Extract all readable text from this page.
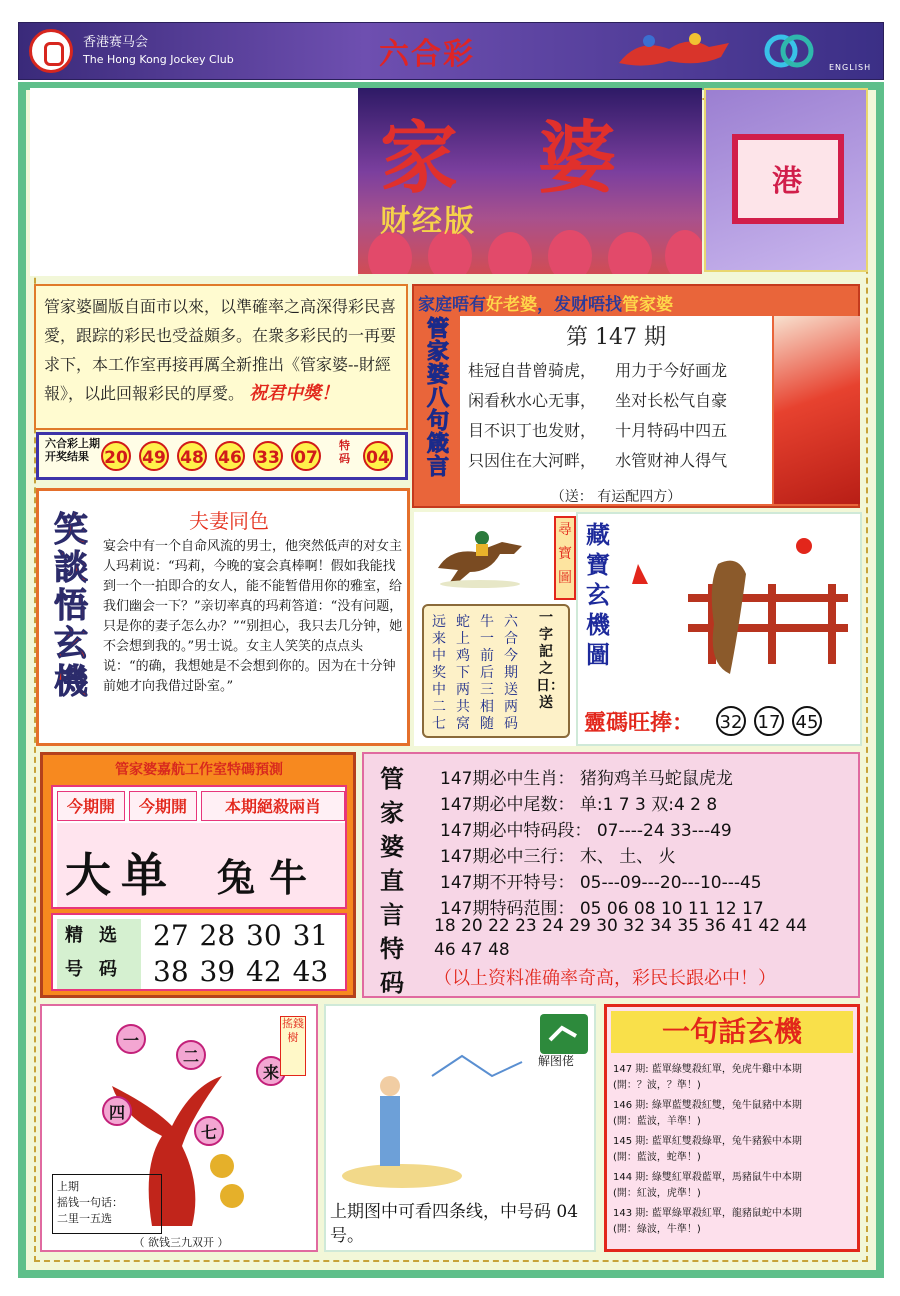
香港赛马会
The Hong Kong Jockey Club	六合彩	ENGLISH
家婆
财经版
港
管家婆圖版自面市以來，以準確率之高深得彩民喜愛，跟踪的彩民也受益頗多。在衆多彩民的一再要求下，本工作室再接再厲全新推出《管家婆--財經報》，以此回報彩民的厚愛。 祝君中獎！
六合彩上期开奖结果 20 49 48 46 33 07
特码 04
家庭唔有好老婆，发财唔找管家婆
管家婆八句箴言
第 147 期
桂冠自昔曾骑虎， 用力于今好画龙
闲看秋水心无事， 坐对长松气自豪
目不识丁也发财， 十月特码中四五
只因住在大河畔， 水管财神人得气
（送： 有运配四方）
笑談悟玄機
夫妻同色
宴会中有一个自命风流的男士，他突然低声的对女主人玛莉说：“玛莉，今晚的宴会真棒啊！假如我能找到一个一拍即合的女人，能不能暂借用你的雅室，给我们幽会一下？”亲切率真的玛莉答道：“没有问题，只是你的妻子怎么办？”“别担心，我只去几分钟，她不会想到我的。”男士说。女主人笑笑的点点头说：“的确，我想她是不会想到你的。因为在十分钟前她才向我借过卧室。”
远来中奖中二七
蛇上鸡下两共窝
牛一前后三相随
六合今期送两码
一字記之日：送
尋寶圖
藏寶玄機圖
靈碼旺捧： 32 17 45
管家婆嘉航工作室特碼預測
今期開	今期開	本期絕殺兩肖
大单 兔牛
精选号码
27 28 30 31
38 39 42 43
管家婆直言特码
147期必中生肖： 猪狗鸡羊马蛇鼠虎龙
147期必中尾数： 单:1 7 3 双:4 2 8
147期必中特码段： 07----24 33---49
147期必中三行： 木、 土、 火
147期不开特号： 05---09---20---10---45
147期特码范围： 05 06 08 10 11 12 17
18 20 22 23 24 29 30 32 34 35 36 41 42 44
46 47 48
（以上资料准确率奇高，彩民长跟必中！）
一
二
来
四
七
搖錢樹
上期
摇钱一句话：
二里一五选
（ 欲钱三九双开 ）
解图佬
上期图中可看四条线，中号码 04 号。
一句話玄機
147 期: 藍單綠雙殺紅單，免虎牛雞中本期
(開：？波，？準！)
146 期: 綠單藍雙殺紅雙，兔牛鼠豬中本期
(開：藍波，羊準！)
145 期: 藍單紅雙殺綠單，兔牛豬猴中本期
(開：藍波，蛇準！)
144 期: 綠雙紅單殺藍單，馬豬鼠牛中本期
(開：紅波，虎準！)
143 期: 藍單綠單殺紅單，龍豬鼠蛇中本期
(開：綠波，牛準！)
